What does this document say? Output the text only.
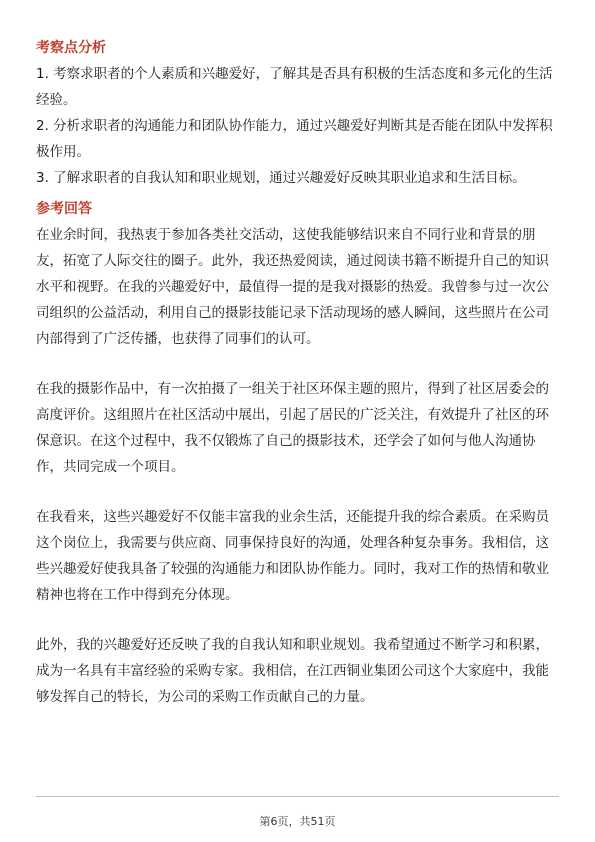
考察点分析

1. 考察求职者的个人素质和兴趣爱好，了解其是否具有积极的生活态度和多元化的生活经验。

2. 分析求职者的沟通能力和团队协作能力，通过兴趣爱好判断其是否能在团队中发挥积极作用。

3. 了解求职者的自我认知和职业规划，通过兴趣爱好反映其职业追求和生活目标。

参考回答

在业余时间，我热衷于参加各类社交活动，这使我能够结识来自不同行业和背景的朋友，拓宽了人际交往的圈子。此外，我还热爱阅读，通过阅读书籍不断提升自己的知识水平和视野。在我的兴趣爱好中，最值得一提的是我对摄影的热爱。我曾参与过一次公司组织的公益活动，利用自己的摄影技能记录下活动现场的感人瞬间，这些照片在公司内部得到了广泛传播，也获得了同事们的认可。

在我的摄影作品中，有一次拍摄了一组关于社区环保主题的照片，得到了社区居委会的高度评价。这组照片在社区活动中展出，引起了居民的广泛关注，有效提升了社区的环保意识。在这个过程中，我不仅锻炼了自己的摄影技术，还学会了如何与他人沟通协作，共同完成一个项目。

在我看来，这些兴趣爱好不仅能丰富我的业余生活，还能提升我的综合素质。在采购员这个岗位上，我需要与供应商、同事保持良好的沟通，处理各种复杂事务。我相信，这些兴趣爱好使我具备了较强的沟通能力和团队协作能力。同时，我对工作的热情和敬业精神也将在工作中得到充分体现。

此外，我的兴趣爱好还反映了我的自我认知和职业规划。我希望通过不断学习和积累，成为一名具有丰富经验的采购专家。我相信，在江西铜业集团公司这个大家庭中，我能够发挥自己的特长，为公司的采购工作贡献自己的力量。

第6页，共51页
